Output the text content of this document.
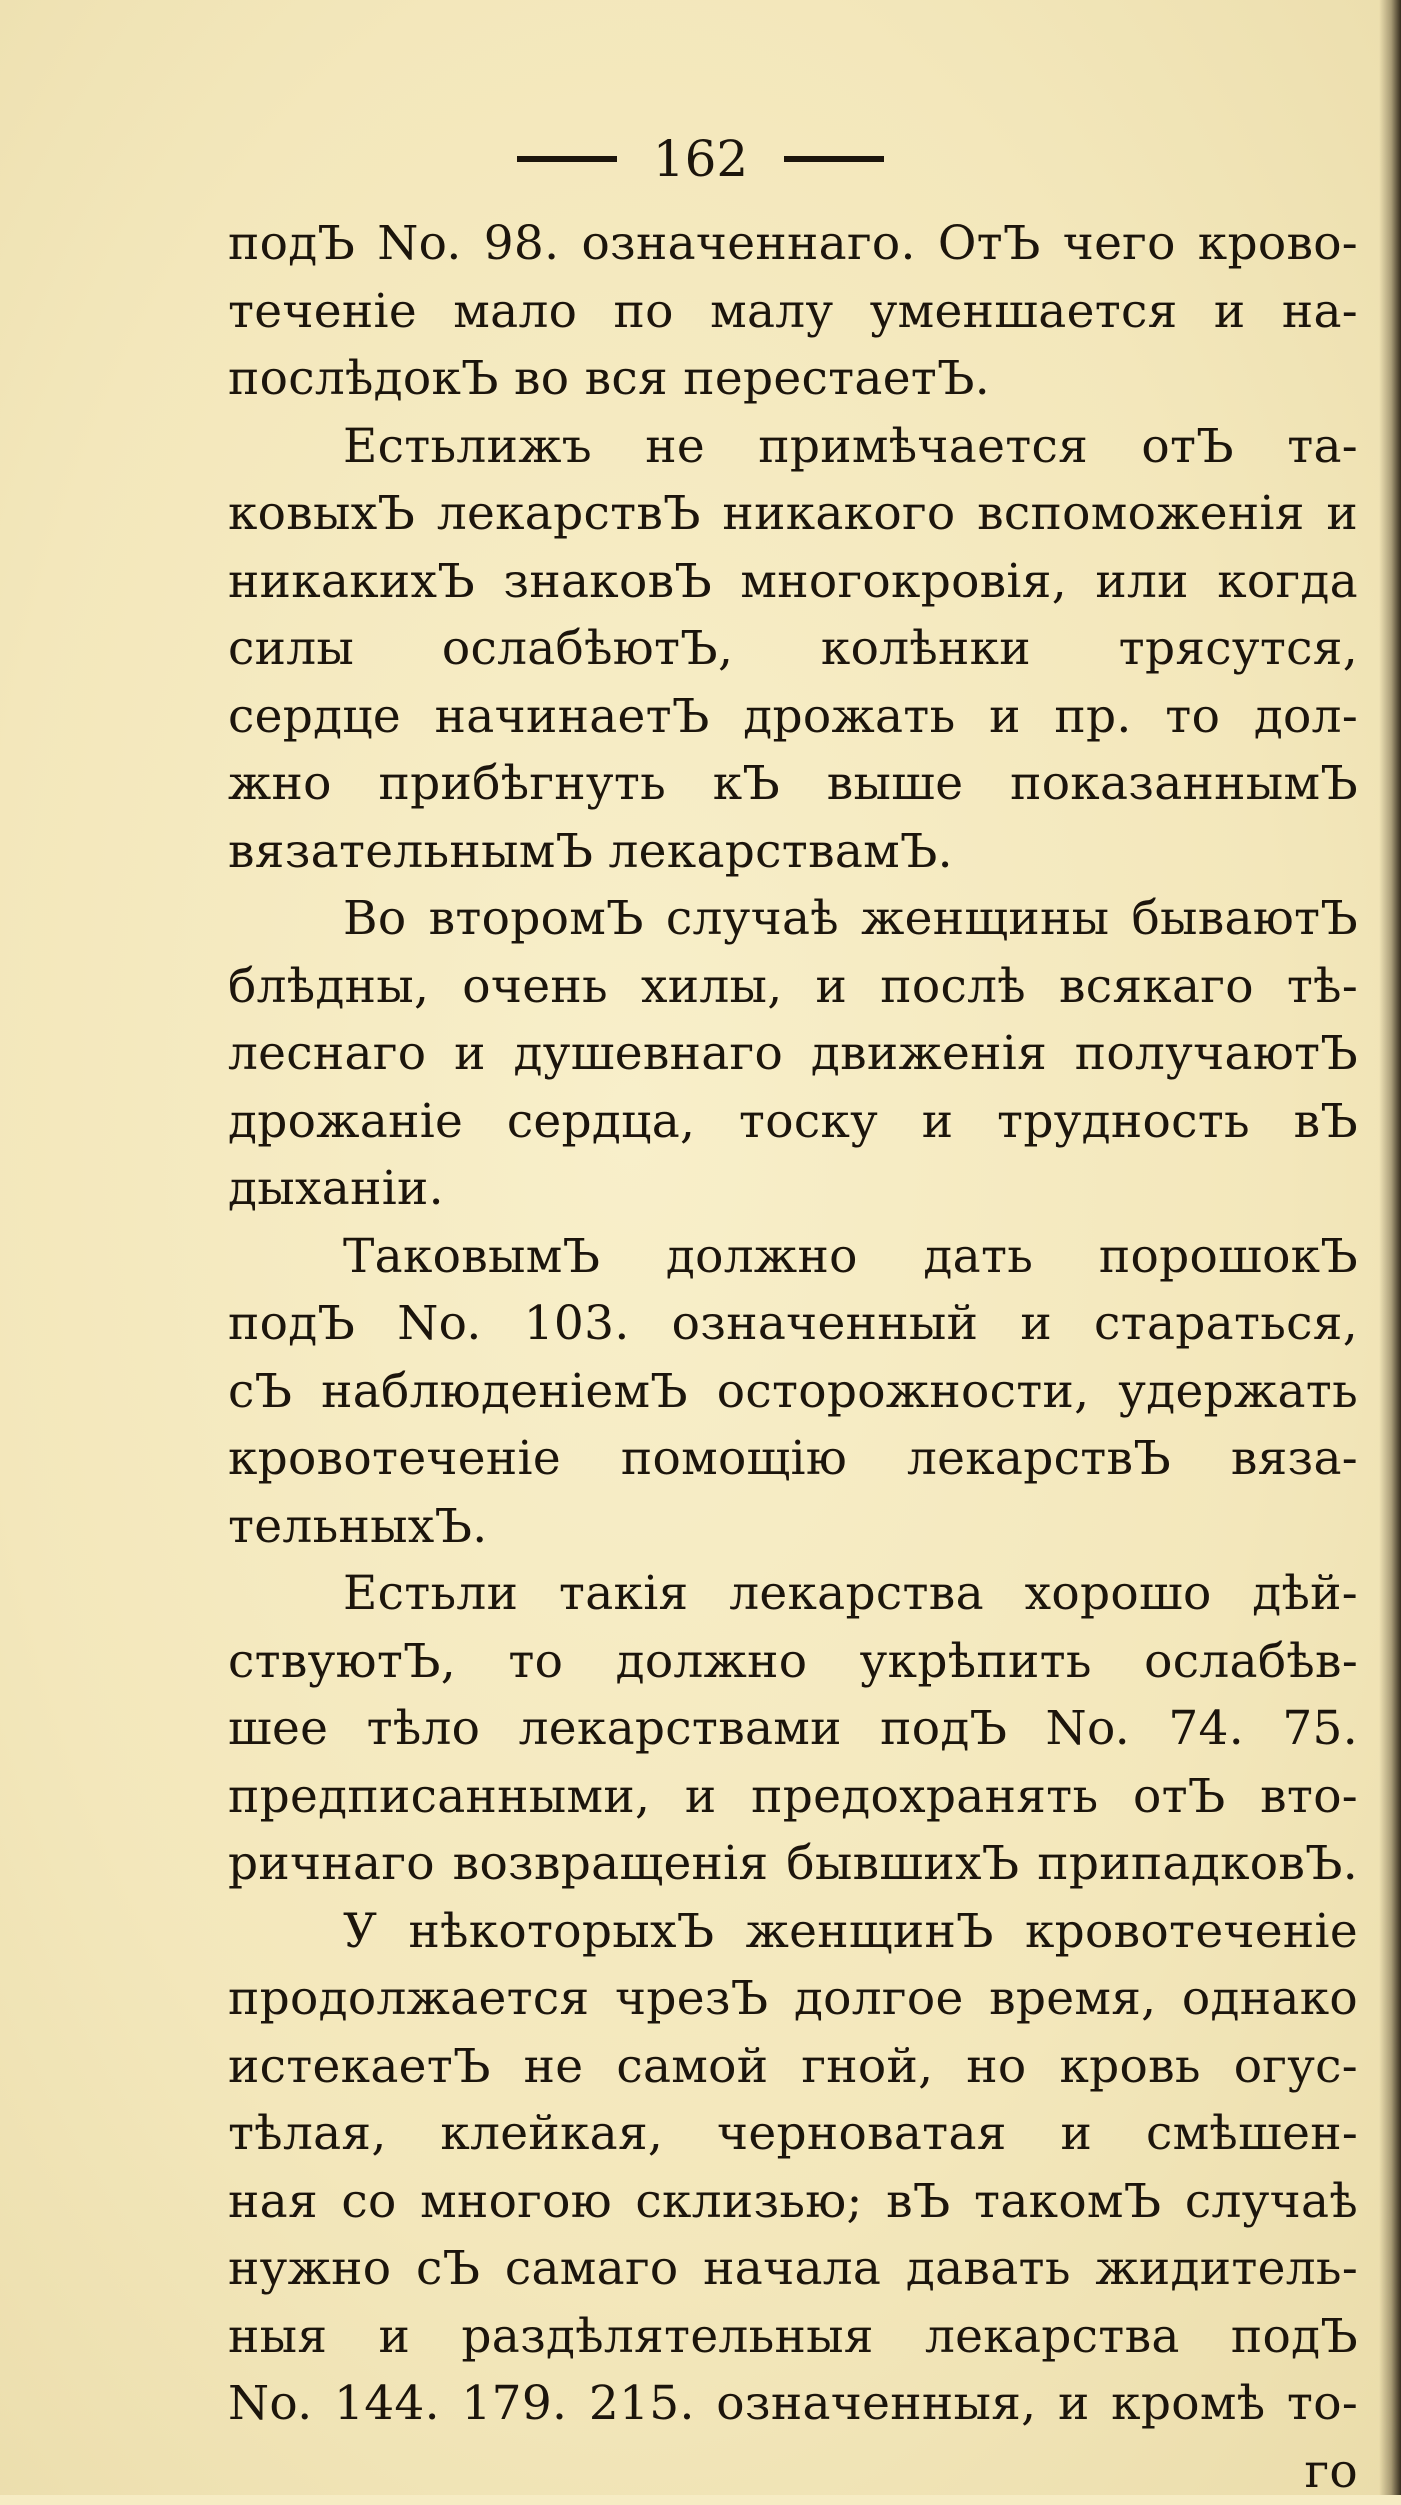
162
подЪ No. 98. означеннаго. ОтЪ чего крово-
теченіе мало по малу уменшается и на-
послѣдокЪ во вся перестаетЪ.
Естьлижъ не примѣчается отЪ та-
ковыхЪ лекарствЪ никакого вспоможенія и
никакихЪ знаковЪ многокровія, или когда
силы ослабѣютЪ, колѣнки трясутся,
сердце начинаетЪ дрожать и пр. то дол-
жно прибѣгнуть кЪ выше показаннымЪ
вязательнымЪ лекарствамЪ.
Во второмЪ случаѣ женщины бываютЪ
блѣдны, очень хилы, и послѣ всякаго тѣ-
леснаго и душевнаго движенія получаютЪ
дрожаніе сердца, тоску и трудность вЪ
дыханіи.
ТаковымЪ должно дать порошокЪ
подЪ No. 103. означенный и стараться,
сЪ наблюденіемЪ осторожности, удержать
кровотеченіе помощію лекарствЪ вяза-
тельныхЪ.
Естьли такія лекарства хорошо дѣй-
ствуютЪ, то должно укрѣпить ослабѣв-
шее тѣло лекарствами подЪ No. 74. 75.
предписанными, и предохранять отЪ вто-
ричнаго возвращенія бывшихЪ припадковЪ.
У нѣкоторыхЪ женщинЪ кровотеченіе
продолжается чрезЪ долгое время, однако
истекаетЪ не самой гной, но кровь огус-
тѣлая, клейкая, черноватая и смѣшен-
ная со многою склизью; вЪ такомЪ случаѣ
нужно сЪ самаго начала давать жидитель-
ныя и раздѣлятельныя лекарства подЪ
No. 144. 179. 215. означенныя, и кромѣ то-
го
